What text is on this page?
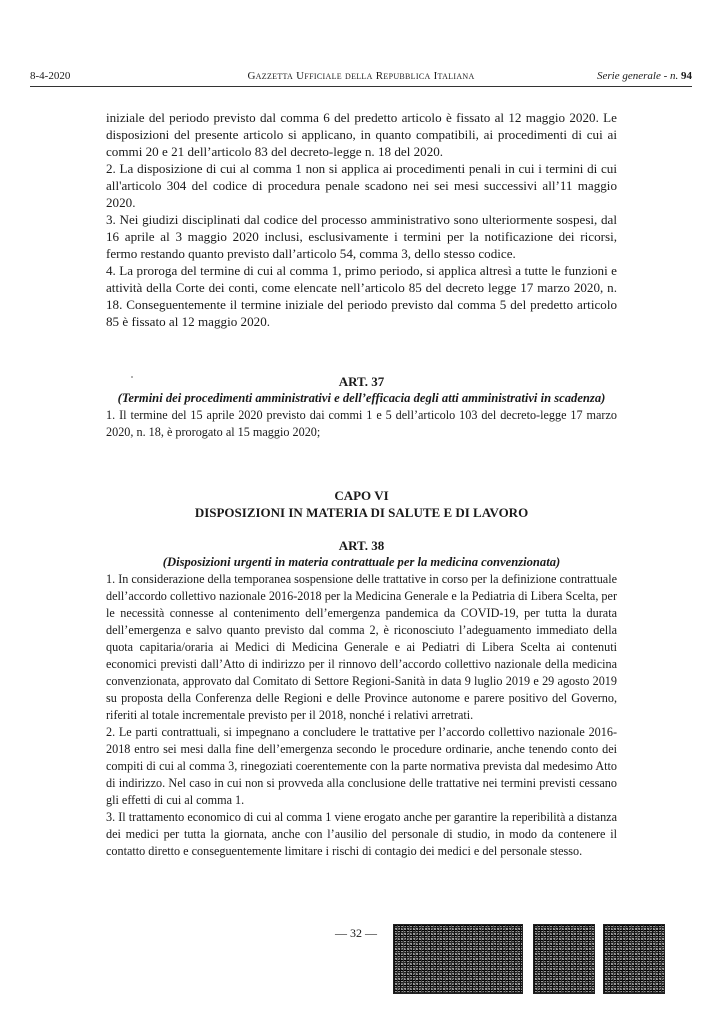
8-4-2020	Gazzetta Ufficiale della Repubblica Italiana	Serie generale - n. 94

iniziale del periodo previsto dal comma 6 del predetto articolo è fissato al 12 maggio 2020. Le disposizioni del presente articolo si applicano, in quanto compatibili, ai procedimenti di cui ai commi 20 e 21 dell’articolo 83 del decreto-legge n. 18 del 2020.

2. La disposizione di cui al comma 1 non si applica ai procedimenti penali in cui i termini di cui all'articolo 304 del codice di procedura penale scadono nei sei mesi successivi all’11 maggio 2020.

3. Nei giudizi disciplinati dal codice del processo amministrativo sono ulteriormente sospesi, dal 16 aprile al 3 maggio 2020 inclusi, esclusivamente i termini per la notificazione dei ricorsi, fermo restando quanto previsto dall’articolo 54, comma 3, dello stesso codice.

4. La proroga del termine di cui al comma 1, primo periodo, si applica altresì a tutte le funzioni e attività della Corte dei conti, come elencate nell’articolo 85 del decreto legge 17 marzo 2020, n. 18. Conseguentemente il termine iniziale del periodo previsto dal comma 5 del predetto articolo 85 è fissato al 12 maggio 2020.

ART. 37

(Termini dei procedimenti amministrativi e dell’efficacia degli atti amministrativi in scadenza)

1. Il termine del 15 aprile 2020 previsto dai commi 1 e 5 dell’articolo 103 del decreto-legge 17 marzo 2020, n. 18, è prorogato al 15 maggio 2020;

CAPO VI

DISPOSIZIONI IN MATERIA DI SALUTE E DI LAVORO

ART. 38

(Disposizioni urgenti in materia contrattuale per la medicina convenzionata)

1. In considerazione della temporanea sospensione delle trattative in corso per la definizione contrattuale dell’accordo collettivo nazionale 2016-2018 per la Medicina Generale e la Pediatria di Libera Scelta, per le necessità connesse al contenimento dell’emergenza pandemica da COVID-19, per tutta la durata dell’emergenza e salvo quanto previsto dal comma 2, è riconosciuto l’adeguamento immediato della quota capitaria/oraria ai Medici di Medicina Generale e ai Pediatri di Libera Scelta ai contenuti economici previsti dall’Atto di indirizzo per il rinnovo dell’accordo collettivo nazionale della medicina convenzionata, approvato dal Comitato di Settore Regioni-Sanità in data 9 luglio 2019 e 29 agosto 2019 su proposta della Conferenza delle Regioni e delle Province autonome e parere positivo del Governo, riferiti al totale incrementale previsto per il 2018, nonché i relativi arretrati.

2. Le parti contrattuali, si impegnano a concludere le trattative per l’accordo collettivo nazionale 2016-2018 entro sei mesi dalla fine dell’emergenza secondo le procedure ordinarie, anche tenendo conto dei compiti di cui al comma 3, rinegoziati coerentemente con la parte normativa prevista dal medesimo Atto di indirizzo. Nel caso in cui non si provveda alla conclusione delle trattative nei termini previsti cessano gli effetti di cui al comma 1.

3. Il trattamento economico di cui al comma 1 viene erogato anche per garantire la reperibilità a distanza dei medici per tutta la giornata, anche con l’ausilio del personale di studio, in modo da contenere il contatto diretto e conseguentemente limitare i rischi di contagio dei medici e del personale stesso.

— 32 —
